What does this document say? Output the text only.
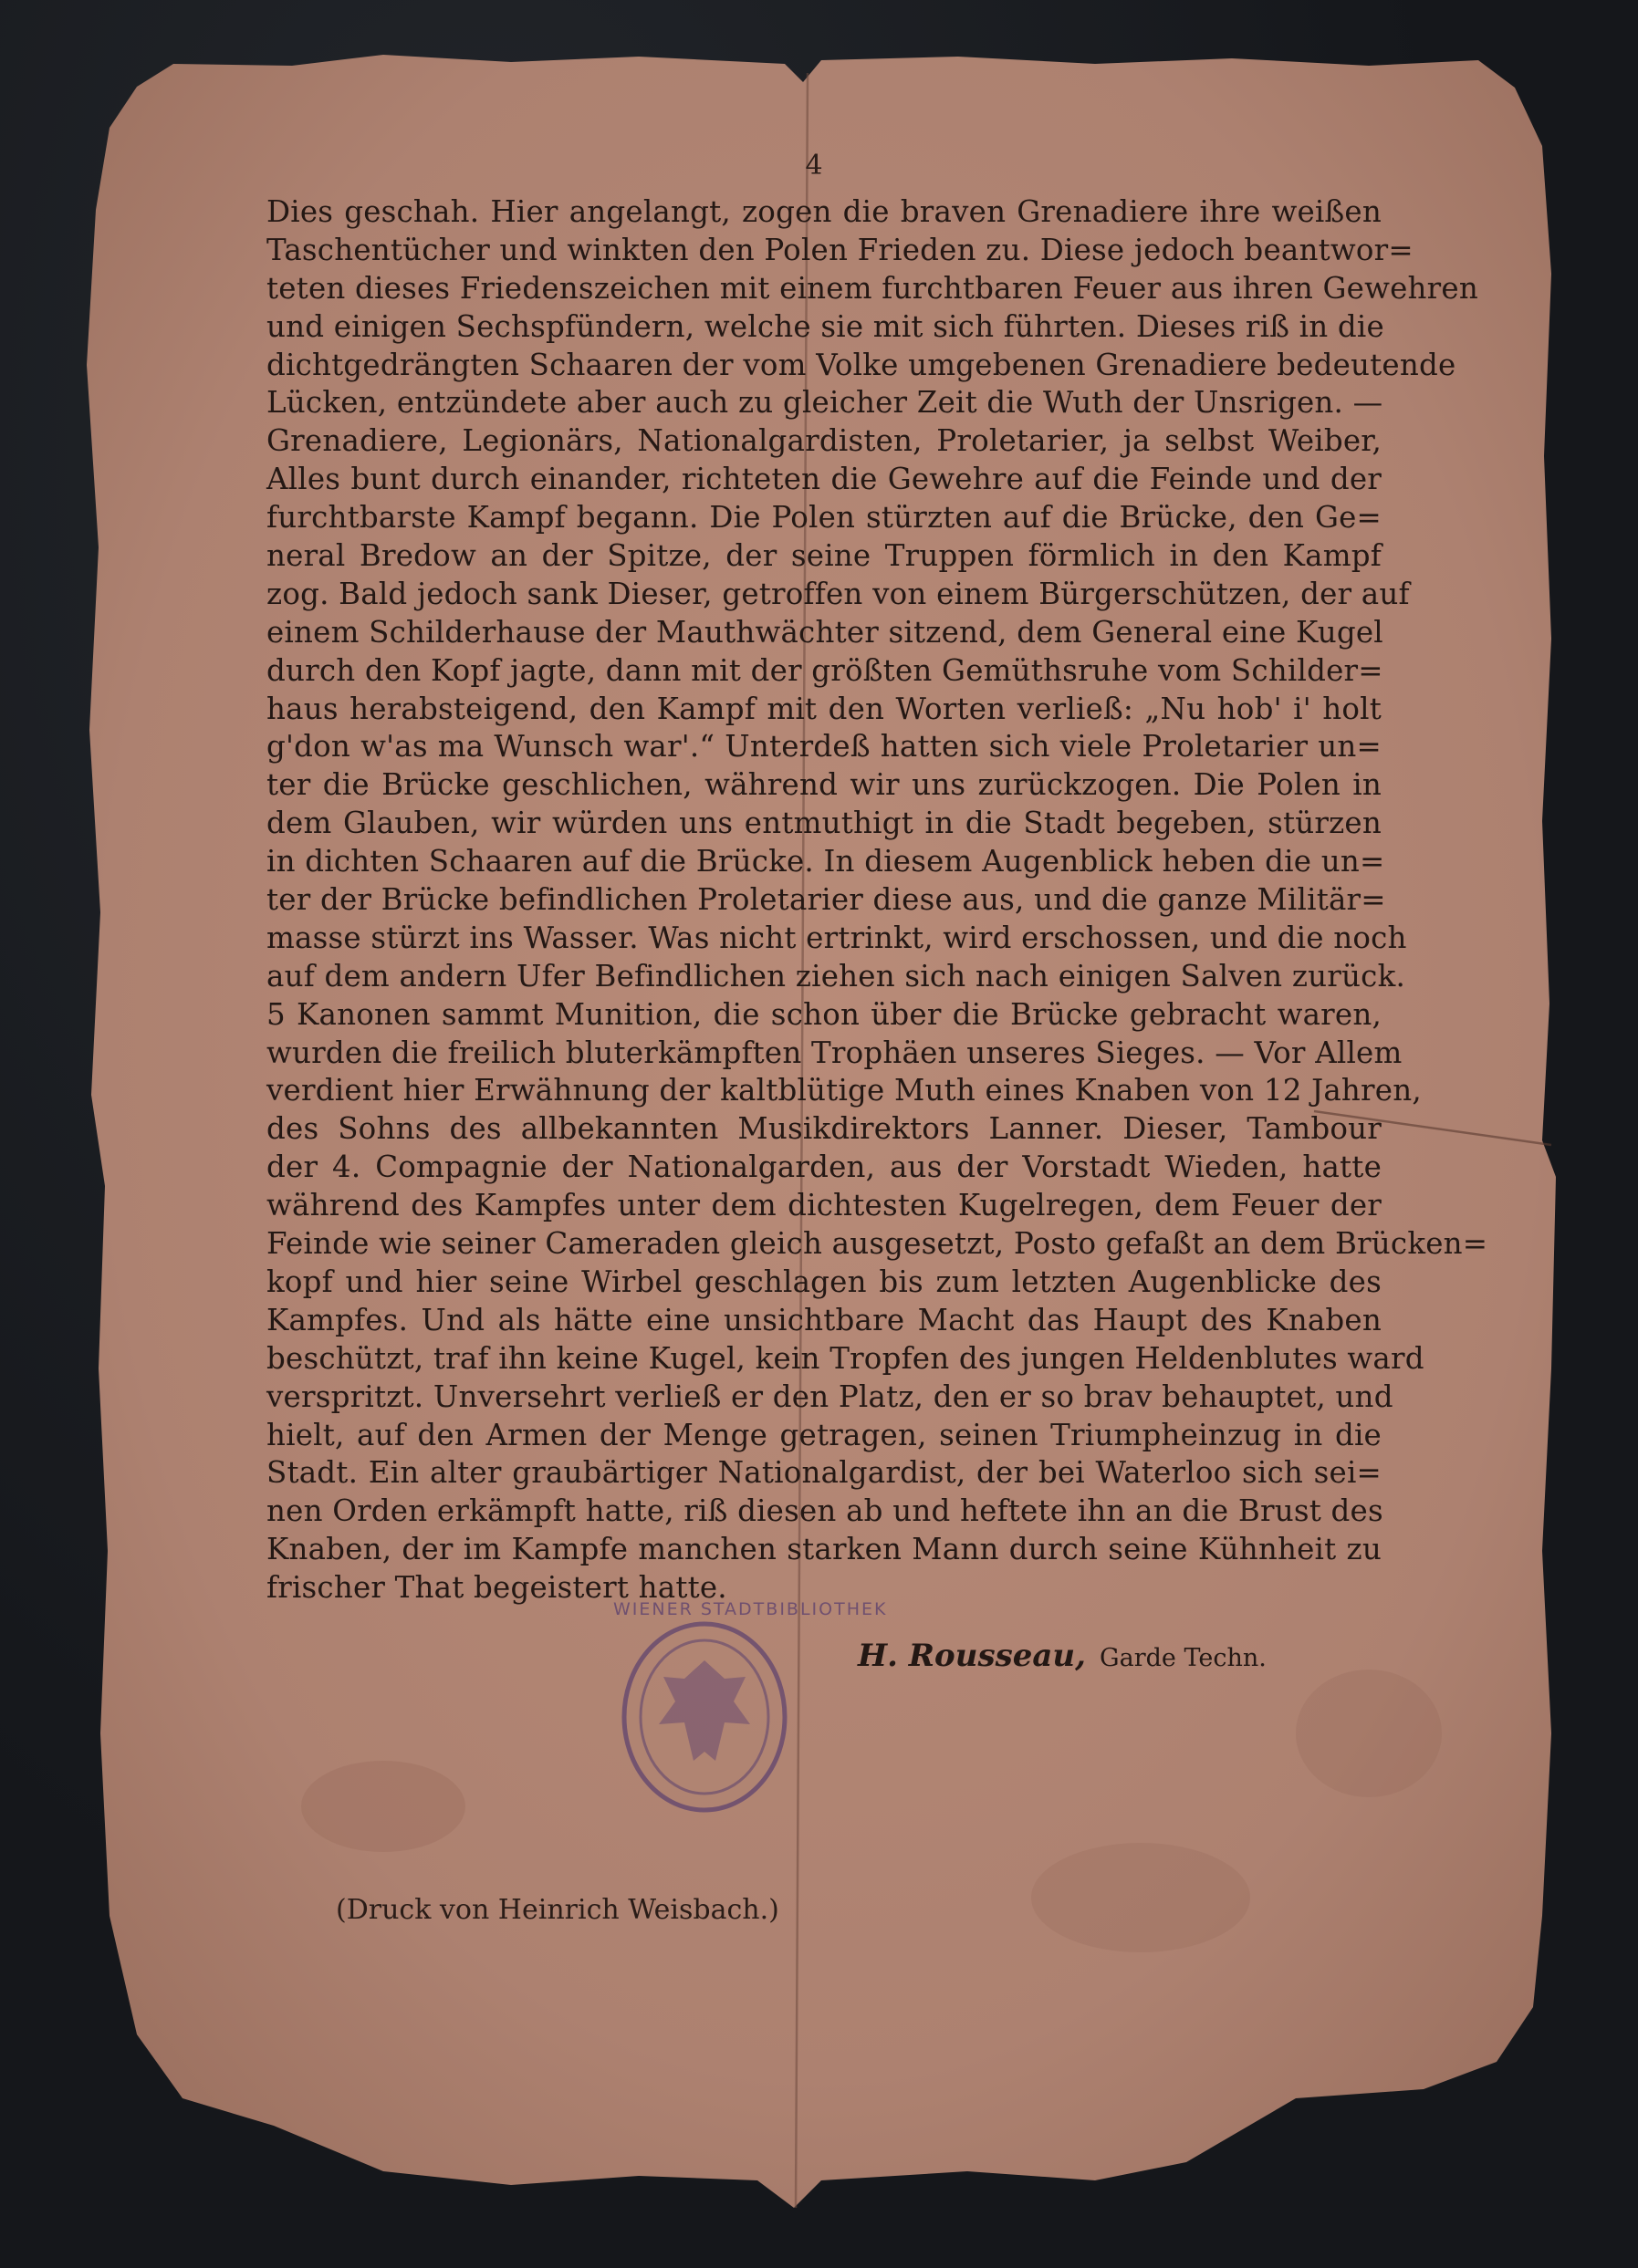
4
Dies geschah. Hier angelangt, zogen die braven Grenadiere ihre weißen
Taschentücher und winkten den Polen Frieden zu. Diese jedoch beantwor=
teten dieses Friedenszeichen mit einem furchtbaren Feuer aus ihren Gewehren
und einigen Sechspfündern, welche sie mit sich führten. Dieses riß in die
dichtgedrängten Schaaren der vom Volke umgebenen Grenadiere bedeutende
Lücken, entzündete aber auch zu gleicher Zeit die Wuth der Unsrigen. —
Grenadiere, Legionärs, Nationalgardisten, Proletarier, ja selbst Weiber,
Alles bunt durch einander, richteten die Gewehre auf die Feinde und der
furchtbarste Kampf begann. Die Polen stürzten auf die Brücke, den Ge=
neral Bredow an der Spitze, der seine Truppen förmlich in den Kampf
zog. Bald jedoch sank Dieser, getroffen von einem Bürgerschützen, der auf
einem Schilderhause der Mauthwächter sitzend, dem General eine Kugel
durch den Kopf jagte, dann mit der größten Gemüthsruhe vom Schilder=
haus herabsteigend, den Kampf mit den Worten verließ: „Nu hob' i' holt
g'don w'as ma Wunsch war'.“ Unterdeß hatten sich viele Proletarier un=
ter die Brücke geschlichen, während wir uns zurückzogen. Die Polen in
dem Glauben, wir würden uns entmuthigt in die Stadt begeben, stürzen
in dichten Schaaren auf die Brücke. In diesem Augenblick heben die un=
ter der Brücke befindlichen Proletarier diese aus, und die ganze Militär=
masse stürzt ins Wasser. Was nicht ertrinkt, wird erschossen, und die noch
auf dem andern Ufer Befindlichen ziehen sich nach einigen Salven zurück.
5 Kanonen sammt Munition, die schon über die Brücke gebracht waren,
wurden die freilich bluterkämpften Trophäen unseres Sieges. — Vor Allem
verdient hier Erwähnung der kaltblütige Muth eines Knaben von 12 Jahren,
des Sohns des allbekannten Musikdirektors Lanner. Dieser, Tambour
der 4. Compagnie der Nationalgarden, aus der Vorstadt Wieden, hatte
während des Kampfes unter dem dichtesten Kugelregen, dem Feuer der
Feinde wie seiner Cameraden gleich ausgesetzt, Posto gefaßt an dem Brücken=
kopf und hier seine Wirbel geschlagen bis zum letzten Augenblicke des
Kampfes. Und als hätte eine unsichtbare Macht das Haupt des Knaben
beschützt, traf ihn keine Kugel, kein Tropfen des jungen Heldenblutes ward
verspritzt. Unversehrt verließ er den Platz, den er so brav behauptet, und
hielt, auf den Armen der Menge getragen, seinen Triumpheinzug in die
Stadt. Ein alter graubärtiger Nationalgardist, der bei Waterloo sich sei=
nen Orden erkämpft hatte, riß diesen ab und heftete ihn an die Brust des
Knaben, der im Kampfe manchen starken Mann durch seine Kühnheit zu
frischer That begeistert hatte.
H. Rousseau, Garde Techn.
WIENER STADTBIBLIOTHEK
(Druck von Heinrich Weisbach.)
